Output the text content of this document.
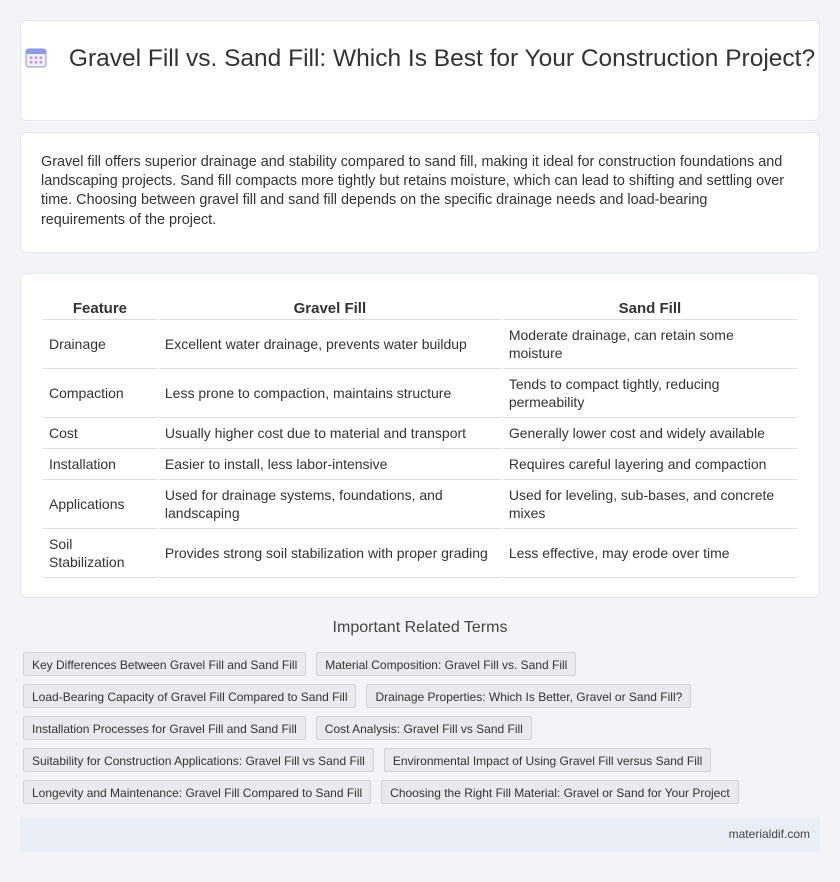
Gravel Fill vs. Sand Fill: Which Is Best for Your Construction Project?

Gravel fill offers superior drainage and stability compared to sand fill, making it ideal for construction foundations and landscaping projects. Sand fill compacts more tightly but retains moisture, which can lead to shifting and settling over time. Choosing between gravel fill and sand fill depends on the specific drainage needs and load-bearing requirements of the project.

Feature	Gravel Fill	Sand Fill
Drainage	Excellent water drainage, prevents water buildup	Moderate drainage, can retain some moisture
Compaction	Less prone to compaction, maintains structure	Tends to compact tightly, reducing permeability
Cost	Usually higher cost due to material and transport	Generally lower cost and widely available
Installation	Easier to install, less labor-intensive	Requires careful layering and compaction
Applications	Used for drainage systems, foundations, and landscaping	Used for leveling, sub-bases, and concrete mixes
Soil Stabilization	Provides strong soil stabilization with proper grading	Less effective, may erode over time
Important Related Terms
Key Differences Between Gravel Fill and Sand Fill	Material Composition: Gravel Fill vs. Sand Fill
Load-Bearing Capacity of Gravel Fill Compared to Sand Fill	Drainage Properties: Which Is Better, Gravel or Sand Fill?
Installation Processes for Gravel Fill and Sand Fill	Cost Analysis: Gravel Fill vs Sand Fill
Suitability for Construction Applications: Gravel Fill vs Sand Fill	Environmental Impact of Using Gravel Fill versus Sand Fill
Longevity and Maintenance: Gravel Fill Compared to Sand Fill	Choosing the Right Fill Material: Gravel or Sand for Your Project
materialdif.com
